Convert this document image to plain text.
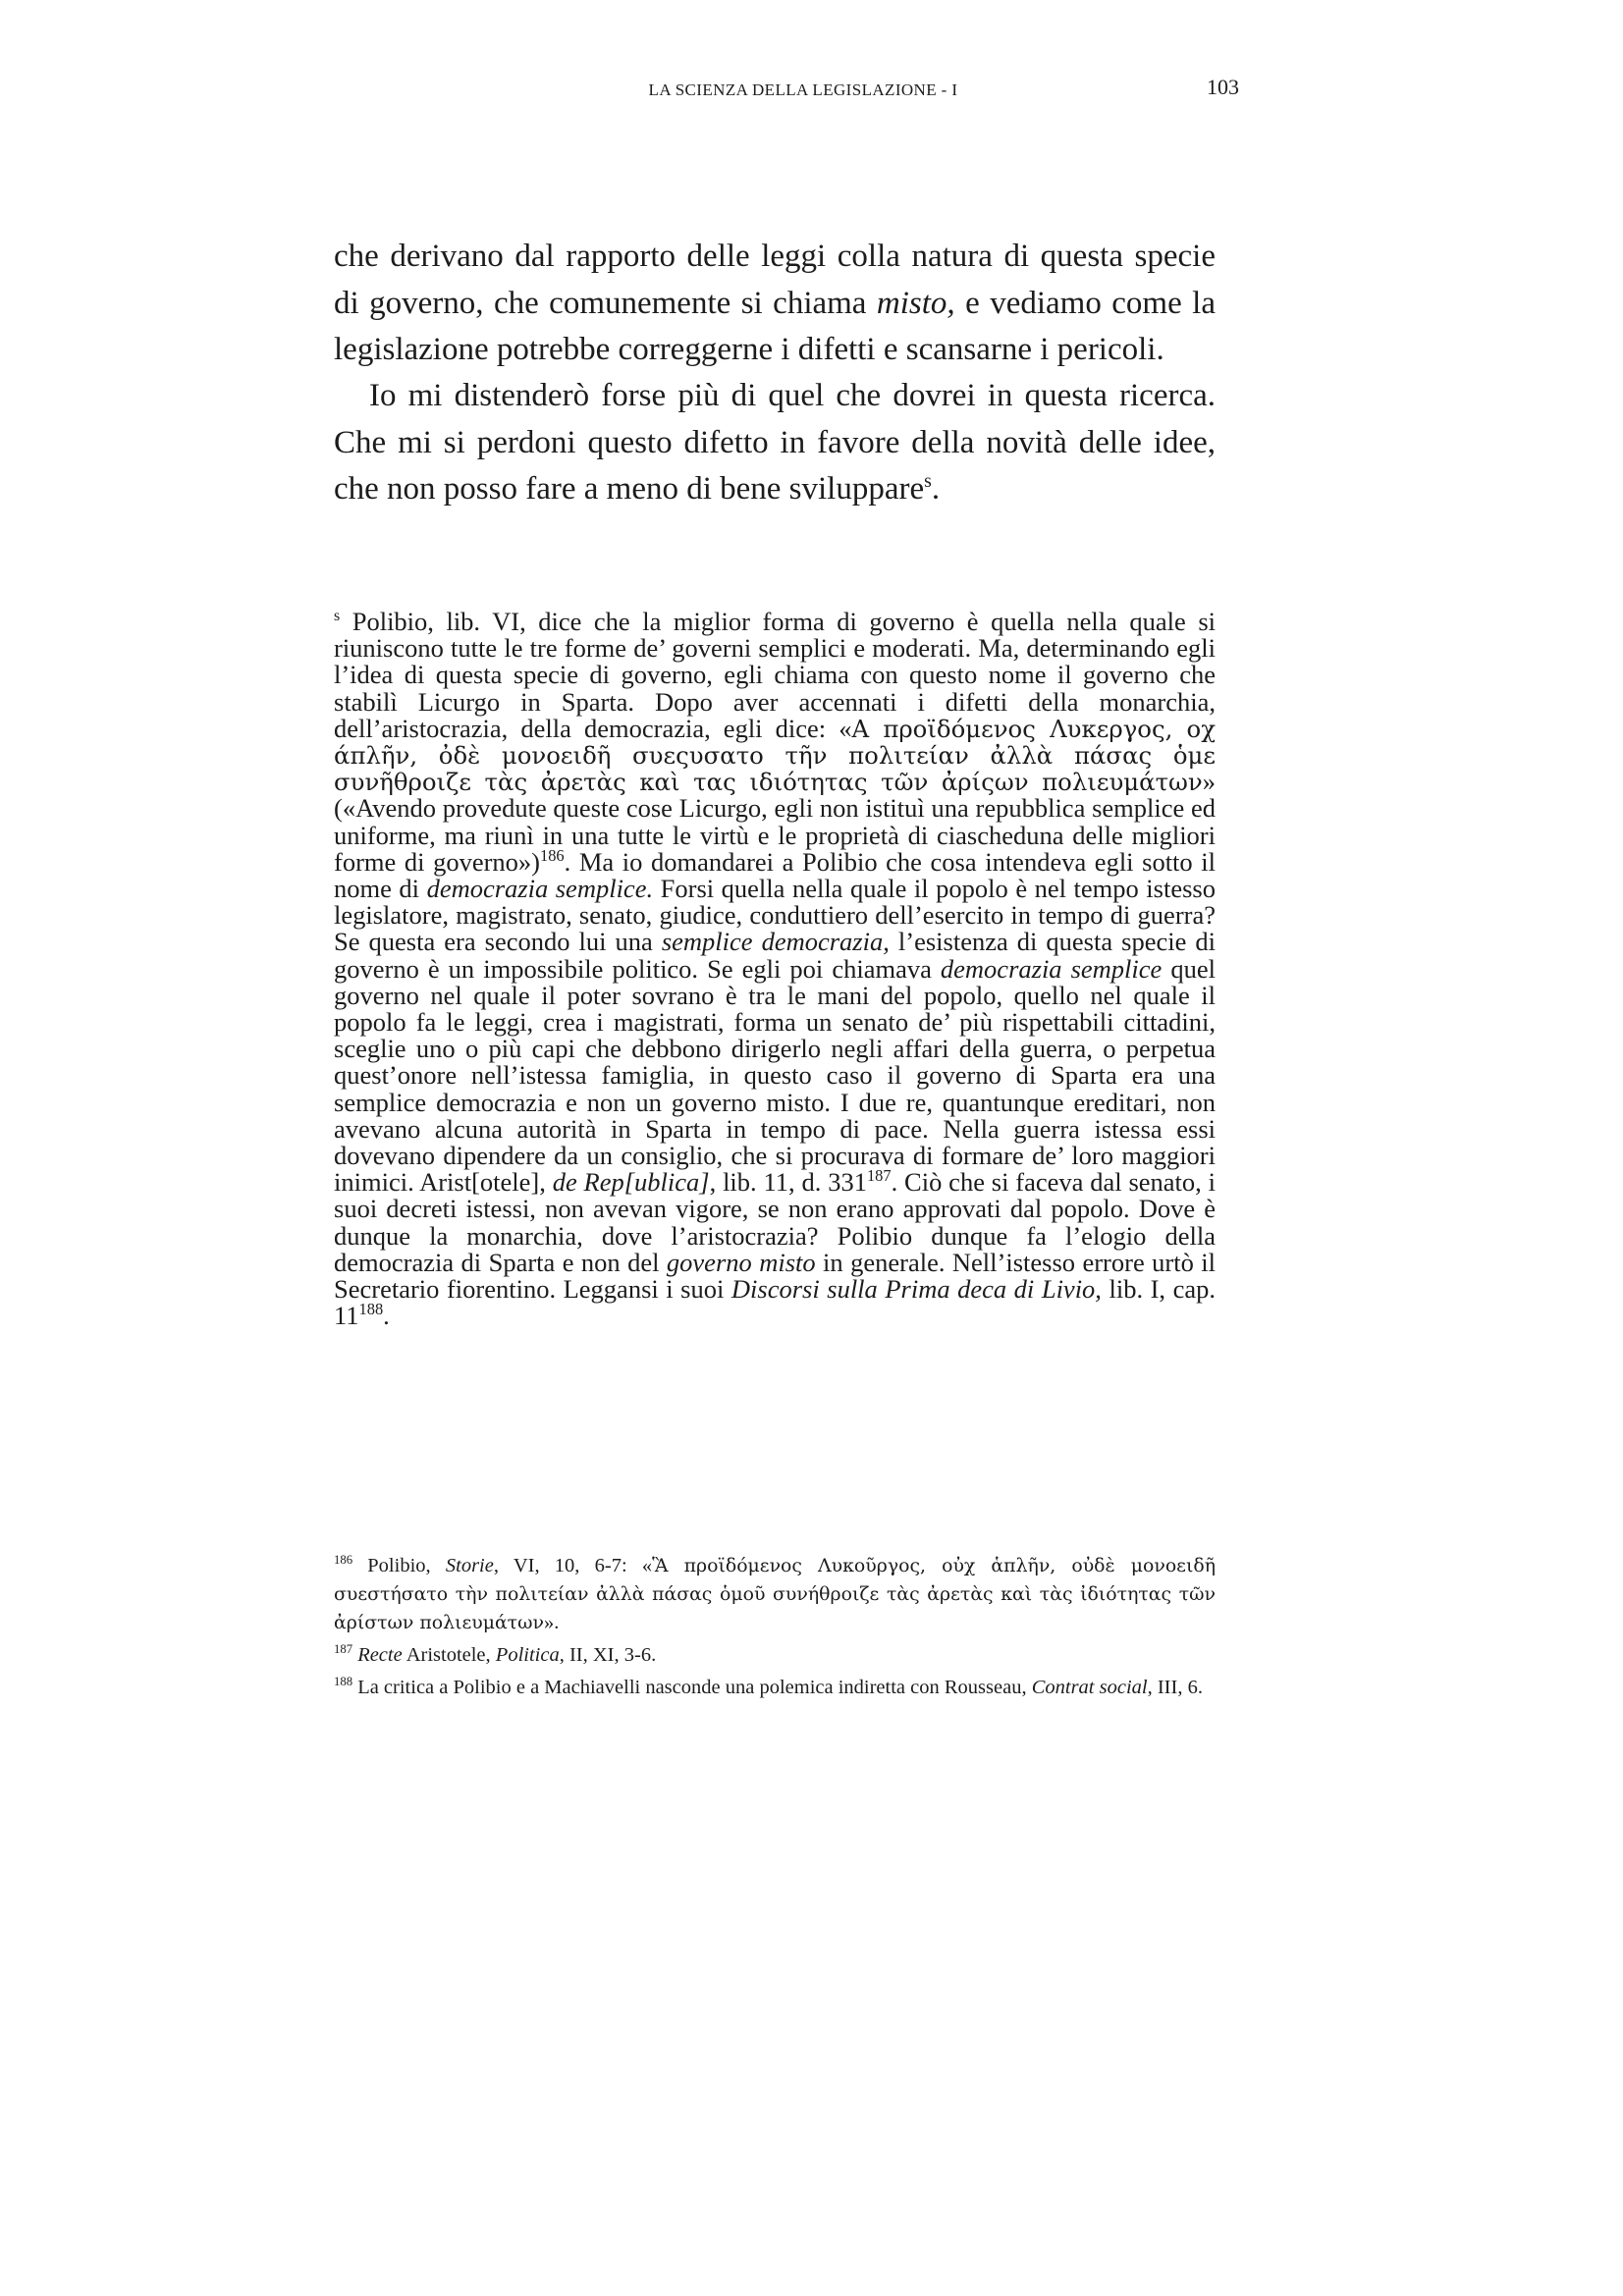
LA SCIENZA DELLA LEGISLAZIONE - I	103

che derivano dal rapporto delle leggi colla natura di questa specie di governo, che comunemente si chiama misto, e vediamo come la legislazione potrebbe correggerne i difetti e scansarne i pericoli.

Io mi distenderò forse più di quel che dovrei in questa ricerca. Che mi si perdoni questo difetto in favore della novità delle idee, che non posso fare a meno di bene sviluppare$^s$.

$^s$ Polibio, lib. VI, dice che la miglior forma di governo è quella nella quale si riuniscono tutte le tre forme de’ governi semplici e moderati. Ma, determinando egli l’idea di questa specie di governo, egli chiama con questo nome il governo che stabilì Licurgo in Sparta. Dopo aver accennati i difetti della monarchia, dell’aristocrazia, della democrazia, egli dice: «Α προϊδόμενος Λυκεργος, οχ άπλῆν, ὀδὲ μονοειδῆ συεςυσατο τῆν πολιτείαν ἀλλὰ πάσας ὁμε συνῆθροιζε τὰς ἀρετὰς καὶ τας ιδιότητας τῶν ἀρίςων πολιευμάτων» («Avendo provedute queste cose Licurgo, egli non istituì una repubblica semplice ed uniforme, ma riunì in una tutte le virtù e le proprietà di ciascheduna delle migliori forme di governo»)$^{186}$. Ma io domandarei a Polibio che cosa intendeva egli sotto il nome di democrazia semplice. Forsi quella nella quale il popolo è nel tempo istesso legislatore, magistrato, senato, giudice, conduttiero dell’esercito in tempo di guerra? Se questa era secondo lui una semplice democrazia, l’esistenza di questa specie di governo è un impossibile politico. Se egli poi chiamava democrazia semplice quel governo nel quale il poter sovrano è tra le mani del popolo, quello nel quale il popolo fa le leggi, crea i magistrati, forma un senato de’ più rispettabili cittadini, sceglie uno o più capi che debbono dirigerlo negli affari della guerra, o perpetua quest’onore nell’istessa famiglia, in questo caso il governo di Sparta era una semplice democrazia e non un governo misto. I due re, quantunque ereditari, non avevano alcuna autorità in Sparta in tempo di pace. Nella guerra istessa essi dovevano dipendere da un consiglio, che si procurava di formare de’ loro maggiori inimici. Arist[otele], de Rep[ublica], lib. 11, d. $331^{187}$. Ciò che si faceva dal senato, i suoi decreti istessi, non avevan vigore, se non erano approvati dal popolo. Dove è dunque la monarchia, dove l’aristocrazia? Polibio dunque fa l’elogio della democrazia di Sparta e non del governo misto in generale. Nell’istesso errore urtò il Secretario fiorentino. Leggansi i suoi Discorsi sulla Prima deca di Livio, lib. I, cap. $11^{188}$.

$^{186}$ Polibio, Storie, VI, 10, 6-7: «Ἃ προϊδόμενος Λυκοῦργος, οὐχ ἁπλῆν, οὐδὲ μονοειδῆ συεστήσατο τὴν πολιτείαν ἀλλὰ πάσας ὁμοῦ συνήθροιζε τὰς ἀρετὰς καὶ τὰς ἰδιότητας τῶν ἀρίστων πολιευμάτων».

$^{187}$ Recte Aristotele, Politica, II, XI, 3-6.

$^{188}$ La critica a Polibio e a Machiavelli nasconde una polemica indiretta con Rousseau, Contrat social, III, 6.
